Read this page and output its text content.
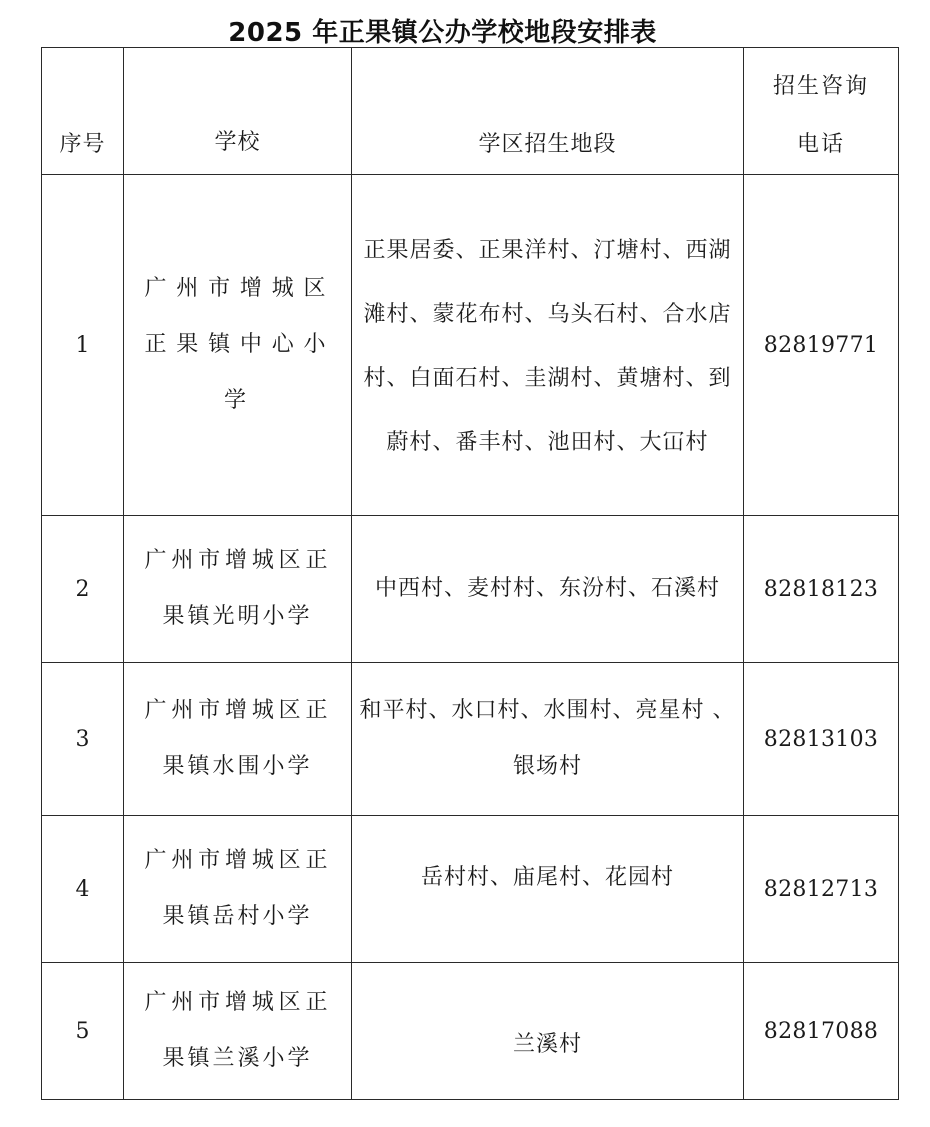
2025 年正果镇公办学校地段安排表
序号	学校	学区招生地段	招生咨询电话

1	广州市增城区正果镇中心小学	正果居委、正果洋村、汀塘村、西湖滩村、蒙花布村、乌头石村、合水店村、白面石村、圭湖村、黄塘村、到蔚村、番丰村、池田村、大冚村	82819771
2	广州市增城区正果镇光明小学	中西村、麦村村、东汾村、石溪村	82818123
3	广州市增城区正果镇水围小学	和平村、水口村、水围村、亮星村 、银场村	82813103
4	广州市增城区正果镇岳村小学	岳村村、庙尾村、花园村	82812713
5	广州市增城区正果镇兰溪小学	兰溪村	82817088
